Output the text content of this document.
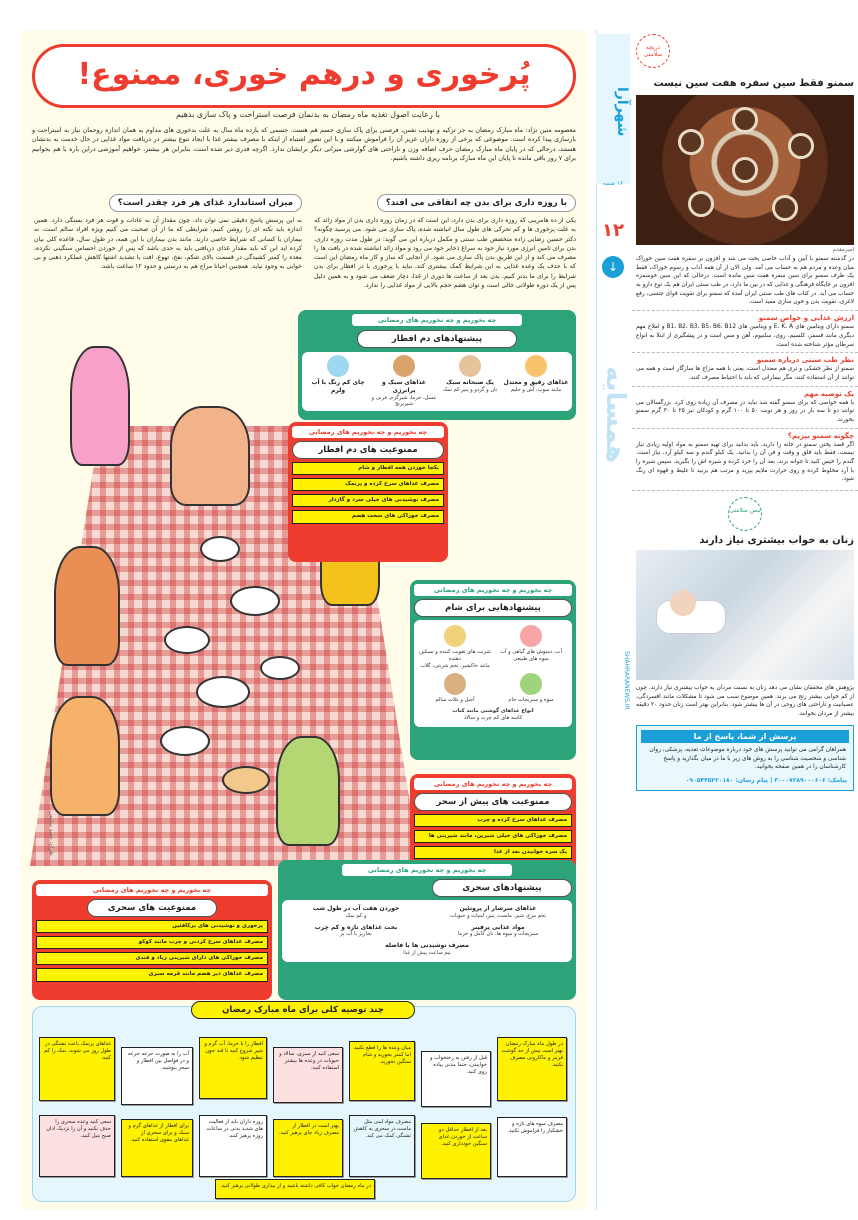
شهرآرا
۱۲
↓
۱۶ شنبه
SHAHRARANEWS.IR
همسایه
دریچه سلامتی
سمنو فقط سین سفره هفت سین نیست
امیرمقدم
در گذشته سمنو با آیین و آداب خاصی پخت می شد و افزون بر سفره هفت سین خوراک میان وعده و مردم هم به حساب می آمد. ولی الان از آن همه آداب و رسوم خوراک، فقط یک ظرف سمنو برای سین سفره هفت سین مانده است. درحالی که این سین خوشمزه افزون بر جایگاه فرهنگی و غذایی که در بین ما دارد، در طب سنتی ایران هم یک نوع دارو به حساب می آید. در کتاب های طب سنتی ایران آمده که سمنو برای تقویت قوای جنسی، رفع لاغری، تقویت بدن و خون سازی مفید است.
ارزش غذایی و خواص سمنو
سمنو دارای ویتامین های E، K، A و ویتامین های B1، B2، B3، B5، B6، B12 و املاح مهم دیگری مانند فسفر، کلسیم، روی، سلنیوم، آهن و مس است و در پیشگیری از ابتلا به انواع سرطان مؤثر شناخته شده است.
نظر طب سنتی درباره سمنو
سمنو از نظر خشکی و تری هم معتدل است، یعنی با همه مزاج ها سازگار است و همه می توانند از آن استفاده کنند، مگر بیمارانی که باید با احتیاط مصرف کنند.
یک توصیه مهم
با همه خواصی که برای سمنو گفته شد نباید در مصرف آن زیاده روی کرد. بزرگسالان می توانند دو تا سه بار در روز و هر نوبت ۵۰ تا ۱۰۰ گرم و کودکان نیز ۲۵ تا ۳۰ گرم سمنو بخورند.
چگونه سمنو بپزیم؟
اگر قصد پختن سمنو در خانه را دارید، باید بدانید برای تهیه سمنو به مواد اولیه زیادی نیاز نیست. فقط باید قلق و وقت و فن آن را بدانید. یک کیلو گندم و سه کیلو آرد، نیاز است. گندم را خیس کنید تا جوانه بزند، بعد آن را خرد کرده و شیره اش را بگیرید. سپس شیره را با آرد مخلوط کرده و روی حرارت ملایم بپزید و مرتب هم بزنید تا غلیظ و قهوه ای رنگ شود.
نبض سلامتی
زنان به خواب بیشتری نیاز دارند
پژوهش های محققان نشان می دهد زنان به نسبت مردان به خواب بیشتری نیاز دارند. چون از کم خوابی بیشتر رنج می برند. همین موضوع سبب می شود تا مشکلات مانند افسردگی، عصبانیت و ناراحتی های روحی در آن ها بیشتر شود. بنابراین بهتر است زنان حدود ۲۰ دقیقه بیشتر از مردان بخوابند.
پرسش از شما، پاسخ از ما
همراهان گرامی می توانید پرسش های خود درباره موضوعات تغذیه، پزشکی، روان شناسی و شخصیت شناسی را به روش های زیر با ما در میان بگذارید و پاسخ کارشناسان را در همین صفحه بخوانید.
پیامک: ۳۰۰۰۷۲۸۹۰۰۰۶۰۶ | پیام رسان: ۰۹۰۵۴۴۵۲۲۰۱۸۰
پُرخوری و درهم خوری، ممنوع!
با رعایت اصول تغذیه ماه رمضان به بدنمان فرصت استراحت و پاک سازی بدهیم
معصومه متین نژاد: ماه مبارک رمضان به جز تزکیه و تهذیب نفس، فرصتی برای پاک سازی جسم هم هست. جسمی که یازده ماه سال به علت بدخوری های مداوم به همان اندازه روحمان نیاز به استراحت و بازسازی پیدا کرده است. موضوعی که برخی از روزه داران عزیز آن را فراموش میکنند و با این تصور اشتباه از اینکه با مصرف بیشتر غذا با ایجاد تنوع بیشتر در دریافت مواد غذایی در حال خدمت به بدنشان هستند، درحالی که در پایان ماه مبارک رمضان حرف اضافه وزن و ناراحتی های گوارشی میزانی دیگر برایشان ندارد. اگرچه قدری دیر شده است، بنابراین هر بیشتر، خواهیم آموزشی دراین باره با هم بخوانیم برای ۷ روز باقی مانده تا پایان این ماه مبارک برنامه ریزی داشته باشیم.
با روزه داری برای بدن چه اتفاقی می افتد؟
یکی از ده هامرینی که روزه داری برای بدن دارد، این است که در زمان روزه داری بدن از مواد زائد که به علت پرخوری ها و کم تحرکی های طول سال انباشته شده، پاک سازی می شود. می پرسید چگونه؟ دکتر حسین رضایی زاده متخصص طب سنتی و مکمل درباره این می گوید: در طول مدت روزه داری، بدن برای تامین انرژی مورد نیاز خود به سراغ ذخایر خود می رود و مواد زائد انباشته شده در بافت ها را مصرف می کند و از این طریق بدن پاک سازی می شود. از آنجایی که ساز و کار ماه رمضان این است که با حذف یک وعده غذایی به این شرایط کمک بیشتری کند، نباید با پرخوری با در افطار برای بدن شرایط را برای ما بدتر کنیم. بدن بعد از ساعت ها دوری از غذا، دچار ضعف می شود و به همین دلیل پس از یک دوره طولانی خالی است و توان هضم حجم بالایی از مواد غذایی را ندارد.
میزان استاندارد غذای هر فرد چقدر است؟
به این پرسش پاسخ دقیقی نمی توان داد، چون مقدار آن به عادات و قوت هر فرد بستگی دارد. همین اندازه باید نکته ای را روشن کنیم، شرایطی که ما از آن صحبت می کنیم ویژه افراد سالم است، نه بیماران یا کسانی که شرایط خاصی دارند. مانند بدن بیماران با این همه، در طول سال، قاعده کلی بیان کرده اید این که باید مقدار غذای دریافتی باید به حدی باشد که پس از خوردن احساس سنگینی نکرده، معده را کمتر کشیدگی در قسمت بالای شکم، نفخ، تهوع، افت یا تشدید اشتها کاهش عملکرد ذهنی و بی خوابی به وجود نیاید. همچنین احیانا مراج هم به درستی و حدود ۱۲ ساعت باشد.
طراح: حمید سلیمی
چه بخوریم و چه نخوریم های رمضانی
پیشنهادهای دم افطار
غذاهای رقیق و معتدل
مانند سوپ، آش و حلیم
یک صبحانه سبک
نان و گردو و پنیر کم نمک
غذاهای سبک و پرانرژی
عسل، خرما، شیرگرم، فرنی و شیربرنج
چای کم رنگ با آب ولرم
چه بخوریم و چه نخوریم های رمضانی
ممنوعیت های دم افطار
یکجا خوردن همه افطار و شام
مصرف غذاهای سرخ کرده و پرنمک
مصرف نوشیدنی های خیلی سرد و گازدار
مصرف خوراکی های سخت هضم
چه بخوریم و چه نخوریم های رمضانی
پیشنهادهایی برای شام
آب، دمنوش های گیاهی و آب میوه های طبیعی
شربت های تقویت کننده و تسکین دهنده
مانند خاکشیر، تخم شربتی، گلاب
میوه و سبزیجات خام
آجیل و غلات سالم
انواع غذاهای گوشتی مانند کباب
کاسه های کم چرب و سالاد
چه بخوریم و چه نخوریم های رمضانی
ممنوعیت های پیش از سحر
مصرف غذاهای سرخ کرده و چرب
مصرف خوراکی های خیلی شیرین، مانند شیرینی ها
یک سره خوابیدن بعد از غذا
چه بخوریم و چه نخوریم های رمضانی
پیشنهادهای سحری
غذاهای سرشار از پروتئین
تخم مرغ، شیر، ماست، پنیر، لبنیات و حبوبات
خوردن هفت آب در طول شب
و کم نمک
مواد غذایی پرفیبر
سبزیجات و میوه ها، نان کامل و خرما
بخت غذاهای تازه و کم چرب
بخارپز با آب پز
مصرف نوشیدنی ها با فاصله
نیم ساعت پیش از غذا
چه بخوریم و چه نخوریم های رمضانی
ممنوعیت های سحری
پرخوری و نوشیدنی های پرکافئین
مصرف غذاهای سرخ کردنی و چرب مانند کوکو
مصرف خوراکی های دارای شیرینی زیاد و قندی
مصرف غذاهای دیر هضم مانند قرمه سبزی
چند توصیه کلی برای ماه مبارک رمضان
در طول ماه مبارک رمضان بهتر است بیش از حد گوشت قرمز و ماکارونی مصرف نکنید.
قبل از رفتن به رختخواب و خوابیدن، حتما مدتی پیاده روی کنید.
میان وعده ها را قطع نکنید اما کمتر بخورید و شام سنگین نخورید.
سعی کنید از سبزی، سالاد و حبوبات در وعده ها بیشتر استفاده کنید.
افطار را با خرما، آب گرم و شیر شروع کنید تا قند خون تنظیم شود.
آب را به صورت جرعه جرعه و در فواصل بین افطار و سحر بنوشید.
غذاهای پرنمک باعث تشنگی در طول روز می شوند، نمک را کم کنید.
مصرف میوه های تازه و خشکبار را فراموش نکنید.
بعد از افطار حداقل دو ساعت از خوردن غذای سنگین خودداری کنید.
مصرف مواد لبنی مثل ماست در سحری به کاهش تشنگی کمک می کند.
بهتر است در افطار از مصرف زیاد چای پرهیز کنید.
روزه داران باید از فعالیت های شدید بدنی در ساعات روزه پرهیز کنند.
برای افطار از غذاهای گرم و سبک و برای سحری از غذاهای مقوی استفاده کنید.
سعی کنید وعده سحری را حذف نکنید و آن را نزدیک اذان صبح میل کنید.
در ماه رمضان خواب کافی داشته باشید و از بیداری طولانی پرهیز کنید.
